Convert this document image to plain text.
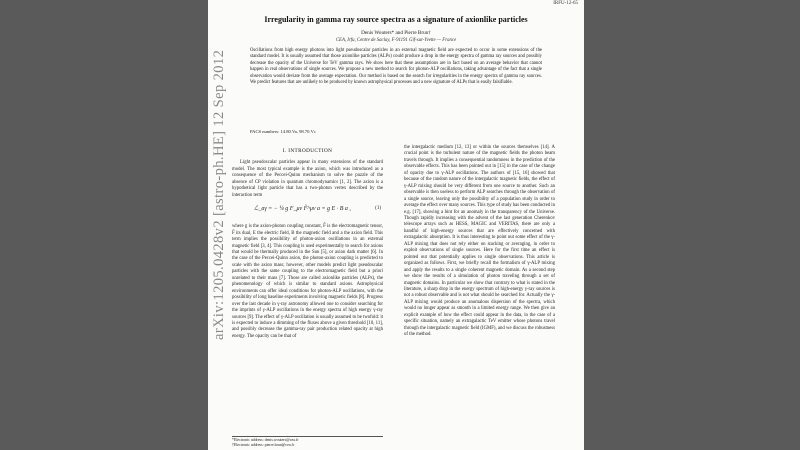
IRFU-12-65
Irregularity in gamma ray source spectra as a signature of axionlike particles
Denis Wouters* and Pierre Brun†
CEA, Irfu, Centre de Saclay, F-91191 Gif-sur-Yvette — France
Oscillations from high energy photons into light pseudoscalar particles in an external magnetic field are expected to occur in some extensions of the standard model. It is usually assumed that those axionlike particles (ALPs) could produce a drop in the energy spectra of gamma ray sources and possibly decrease the opacity of the Universe for TeV gamma rays. We show here that these assumptions are in fact based on an average behavior that cannot happen in real observations of single sources. We propose a new method to search for photon-ALP oscillations, taking advantage of the fact that a single observation would deviate from the average expectation. Our method is based on the search for irregularities in the energy spectra of gamma ray sources. We predict features that are unlikely to be produced by known astrophysical processes and a new signature of ALPs that is easily falsifiable.
PACS numbers: 14.80.Va, 98.70.Vc
I. INTRODUCTION

Light pseudoscalar particles appear in many extensions of the standard model. The most typical example is the axion, which was introduced as a consequence of the Peccei-Quinn mechanism to solve the puzzle of the absence of CP violation in quantum chromodynamics [1, 2]. The axion is a hypothetical light particle that has a two-photon vertex described by the interaction term

ℒ_aγ = − ¼ g F_μν F̃^μν a = g E · B a ,	(1)

where g is the axion-photon coupling constant, F̃ is the electromagnetic tensor, F̃ its dual, E the electric field, B the magnetic field and a the axion field. This term implies the possibility of photon-axion oscillations in an external magnetic field [3, 4]. This coupling is used experimentally to search for axions that would be thermally produced in the Sun [5], or axion dark matter [6]. In the case of the Peccei-Quinn axion, the photon-axion coupling is predicted to scale with the axion mass; however, other models predict light pseudoscalar particles with the same coupling to the electromagnetic field but a priori unrelated to their mass [7]. Those are called axionlike particles (ALPs), the phenomenology of which is similar to standard axions. Astrophysical environments can offer ideal conditions for photon-ALP oscillations, with the possibility of long baseline experiments involving magnetic fields [8]. Progress over the last decade in γ-ray astronomy allowed one to consider searching for the imprints of γ-ALP oscillations in the energy spectra of high energy γ-ray sources [9]. The effect of γ-ALP oscillation is usually assumed to be twofold: it is expected to induce a dimming of the fluxes above a given threshold [10, 11], and possibly decrease the gamma-ray pair production related opacity at high energy. The opacity can be that of

the intergalactic medium [12, 13] or within the sources themselves [14]. A crucial point is the turbulent nature of the magnetic fields the photon beam travels through. It implies a consequential randomness in the prediction of the observable effects. This has been pointed out in [15] in the case of the change of opacity due to γ-ALP oscillations. The authors of [15, 16] showed that because of the random nature of the intergalactic magnetic fields, the effect of γ-ALP mixing should be very different from one source to another. Such an observable is then useless to perform ALP searches through the observation of a single source, leaving only the possibility of a population study in order to average the effect over many sources. This type of study has been conducted in e.g. [17], showing a hint for an anomaly in the transparency of the Universe. Though rapidly increasing with the advent of the last generation Cherenkov telescope arrays such as HESS, MAGIC and VERITAS, there are only a handful of high-energy sources that are effectively concerned with extragalactic absorption. It is thus interesting to point out some effect of the γ-ALP mixing that does not rely either on stacking or averaging, in order to exploit observations of single sources. Here for the first time an effect is pointed out that potentially applies to single observations. This article is organized as follows. First, we briefly recall the formalism of γ-ALP mixing and apply the results to a single coherent magnetic domain. As a second step we show the results of a simulation of photon traveling through a set of magnetic domains. In particular we show that contrary to what is stated in the literature, a sharp drop in the energy spectrum of high-energy γ-ray sources is not a robust observable and is not what should be searched for. Actually the γ-ALP mixing would produce an anomalous dispersion of the spectra, which would no longer appear as smooth in a limited energy range. We then give an explicit example of how the effect could appear in the data, in the case of a specific situation, namely an extragalactic TeV emitter whose photons travel through the intergalactic magnetic field (IGMF), and we discuss the robustness of the method.

*Electronic address: denis.wouters@cea.fr
†Electronic address: pierre.brun@cea.fr
arXiv:1205.0428v2 [astro-ph.HE] 12 Sep 2012
